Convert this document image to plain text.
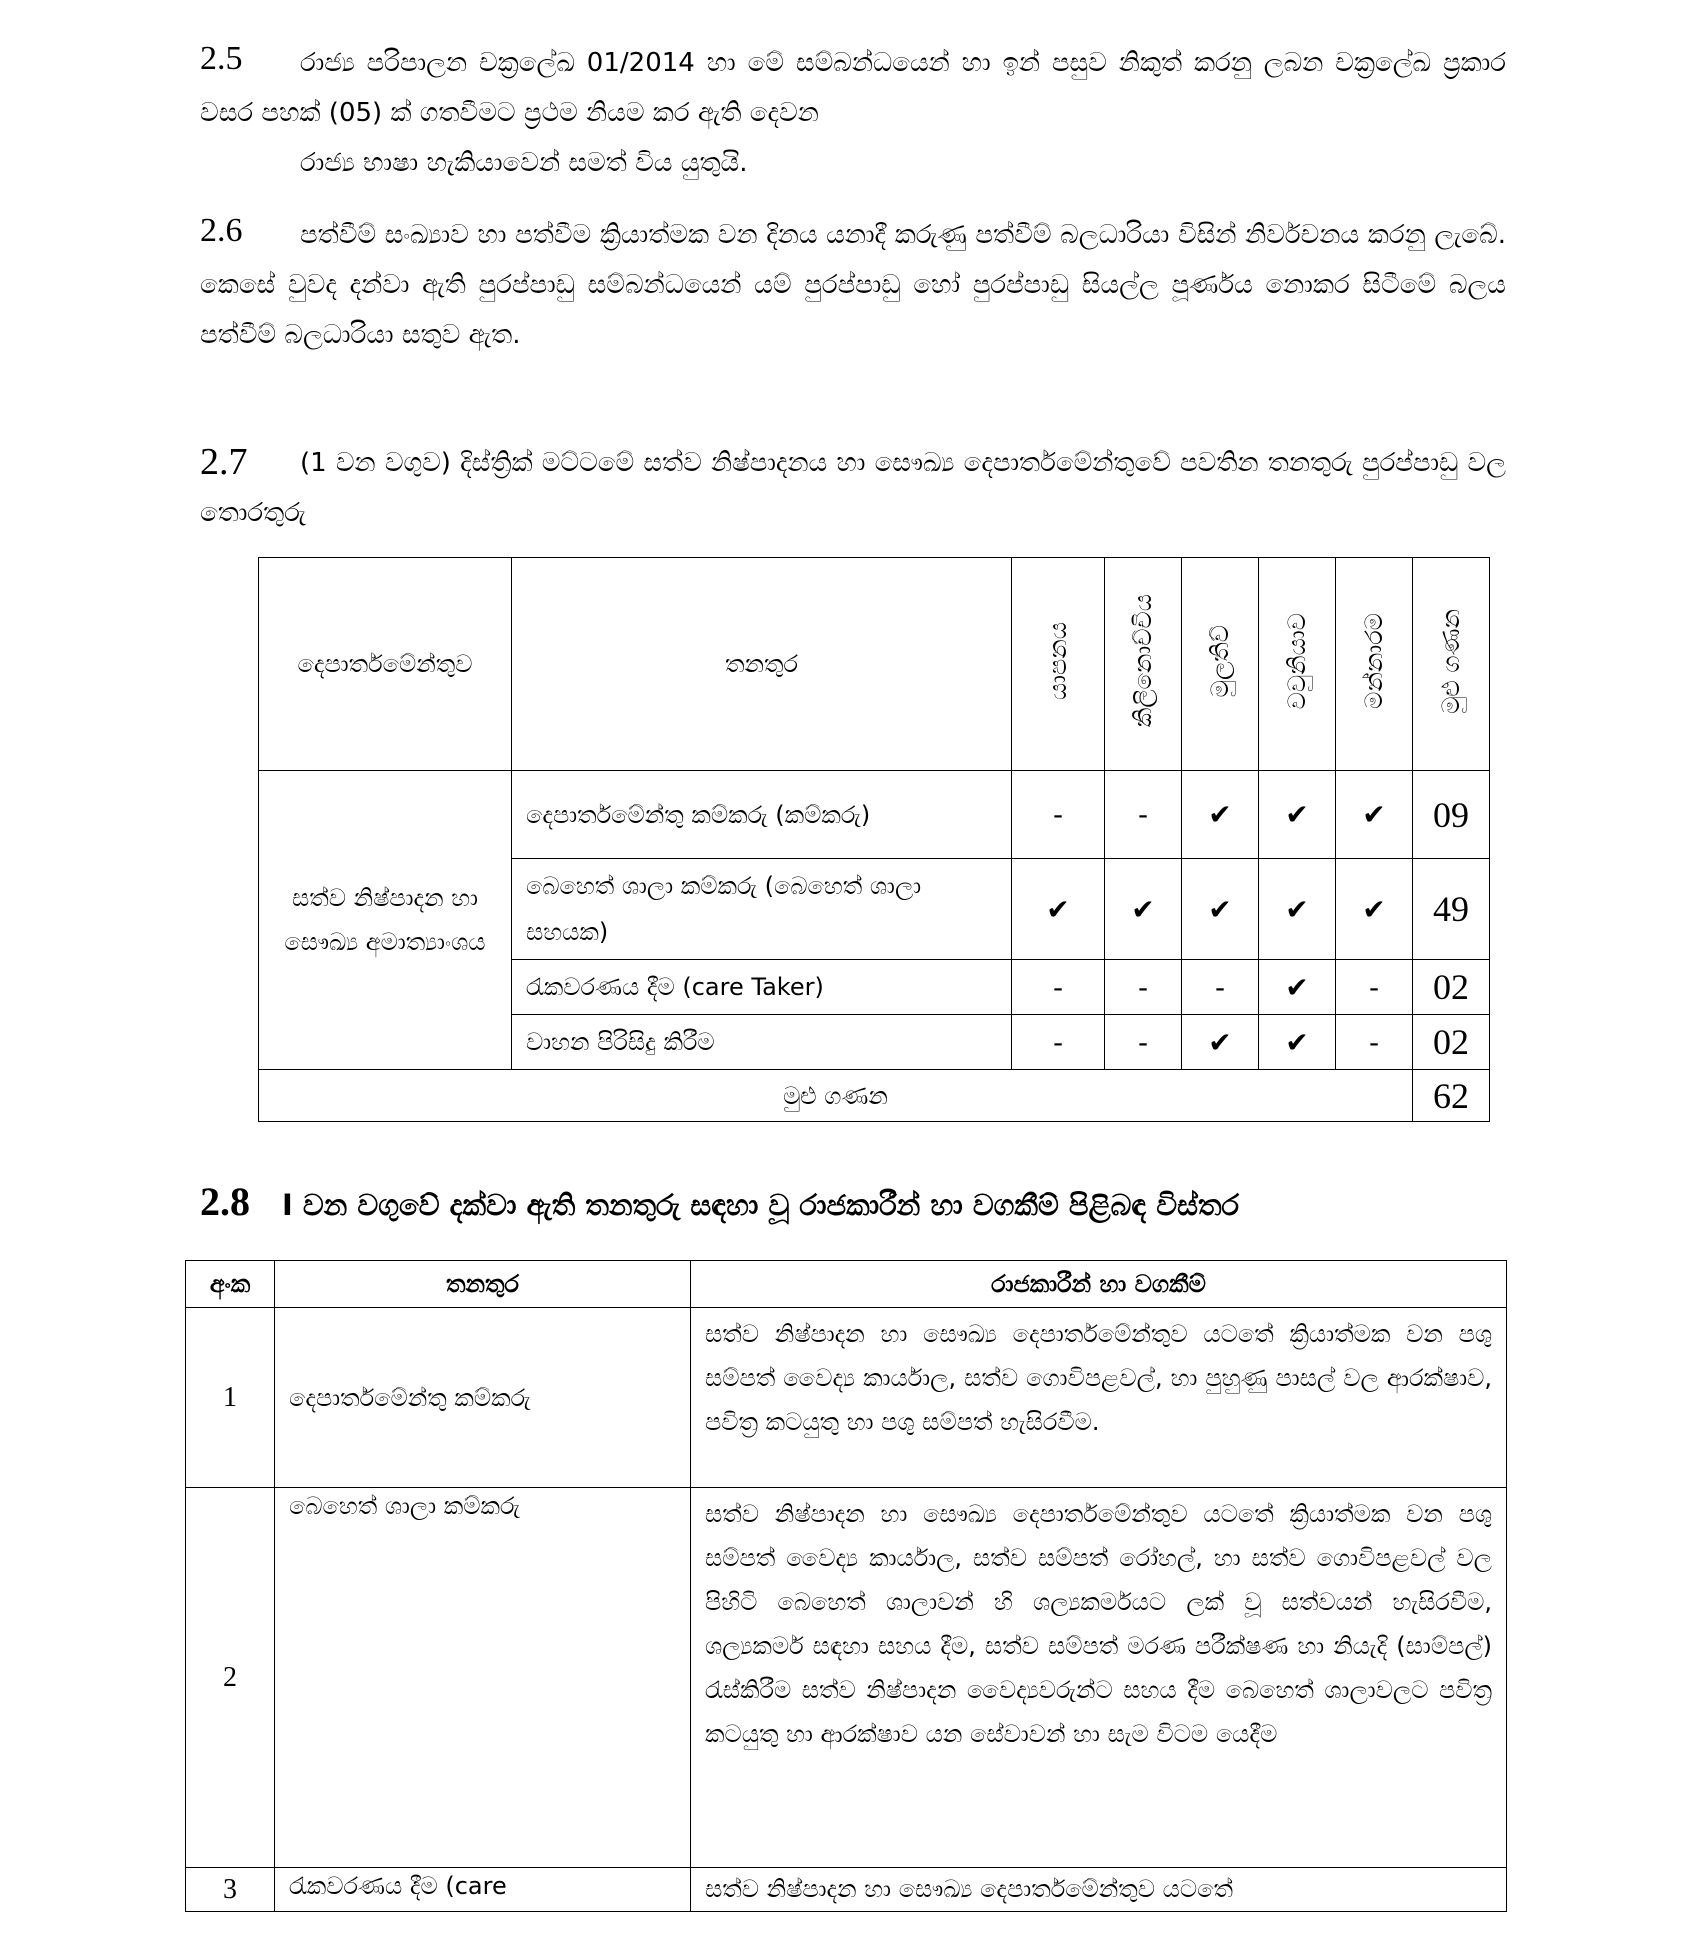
2.5	රාජ්‍ය පරිපාලන චක්‍රලේඛ 01/2014 හා මේ සම්බන්ධයෙන් හා ඉන් පසුව නිකුත් කරනු ලබන චක්‍රලේඛ ප්‍රකාර වසර පහක් (05) ක් ගතවීමට ප්‍රථම නියම කර ඇති දෙවන
රාජ්‍ය භාෂා හැකියාවෙන් සමත් විය යුතුයි.
2.6	පත්වීම් සංඛ්‍යාව හා පත්වීම ක්‍රියාත්මක වන දිනය යනාදී කරුණු පත්වීම් බලධාරියා විසින් නිර්වචනය කරනු ලැබේ. කෙසේ වුවද දන්වා ඇති පුරප්පාඩු සම්බන්ධයෙන් යම් පුරප්පාඩු හෝ පුරප්පාඩු සියල්ල පූර්ණය නොකර සිටීමේ බලය පත්වීම් බලධාරියා සතුව ඇත.
2.7	(1 වන වගුව) දිස්ත්‍රික් මට්ටමේ සත්ව නිෂ්පාදනය හා සෞඛ්‍ය දෙපාර්තමේන්තුවේ පවතින තනතුරු පුරප්පාඩු වල තොරතුරු
දෙපාර්තමේන්තුව	තනතුර	යාපනය	කිලිනොච්චිය	මුලතිව්	වවුනියාව	මන්නාරම	මුළු ගණන
සත්ව නිෂ්පාදන හා සෞඛ්‍ය අමාත්‍යාංශය	දෙපාර්තමේන්තු කම්කරු (කම්කරු)	-	-	✔	✔	✔	09
	බෙහෙත් ශාලා කම්කරු (බෙහෙත් ශාලා සහයක)	✔	✔	✔	✔	✔	49
	රැකවරණය දීම (care Taker)	-	-	-	✔	-	02
	වාහන පිරිසිදු කිරීම	-	-	✔	✔	-	02
මුළු ගණන							62
2.8 I වන වගුවේ දක්වා ඇති තනතුරු සඳහා වූ රාජකාරීන් හා වගකීම් පිළිබඳ විස්තර
අංක	තනතුර	රාජකාරීන් හා වගකීම්
1	දෙපාර්තමේන්තු කම්කරු	සත්ව නිෂ්පාදන හා සෞඛ්‍ය දෙපාර්තමේන්තුව යටතේ ක්‍රියාත්මක වන පශු සම්පත් වෛද්‍ය කාර්යාල, සත්ව ගොවිපළවල්, හා පුහුණු පාසල් වල ආරක්ෂාව, පවිත්‍ර කටයුතු හා පශු සම්පත් හැසිරවීම.
2	බෙහෙත් ශාලා කම්කරු	සත්ව නිෂ්පාදන හා සෞඛ්‍ය දෙපාර්තමේන්තුව යටතේ ක්‍රියාත්මක වන පශු සම්පත් වෛද්‍ය කාර්යාල, සත්ව සම්පත් රෝහල්, හා සත්ව ගොවිපළවල් වල පිහිටි බෙහෙත් ශාලාවන් හි ශල්‍යකර්මයට ලක් වූ සත්වයන් හැසිරවීම, ශල්‍යකර්ම සඳහා සහය දීම, සත්ව සම්පත් මරණ පරීක්ෂණ හා නියැදි (සාම්පල්) රැස්කිරීම සත්ව නිෂ්පාදන වෛද්‍යවරුන්ට සහය දීම බෙහෙත් ශාලාවලට පවිත්‍ර කටයුතු හා ආරක්ෂාව යන සේවාවන් හා සැම විටම යෙදීම
3	රැකවරණය දීම (care	සත්ව නිෂ්පාදන හා සෞඛ්‍ය දෙපාර්තමේන්තුව යටතේ
